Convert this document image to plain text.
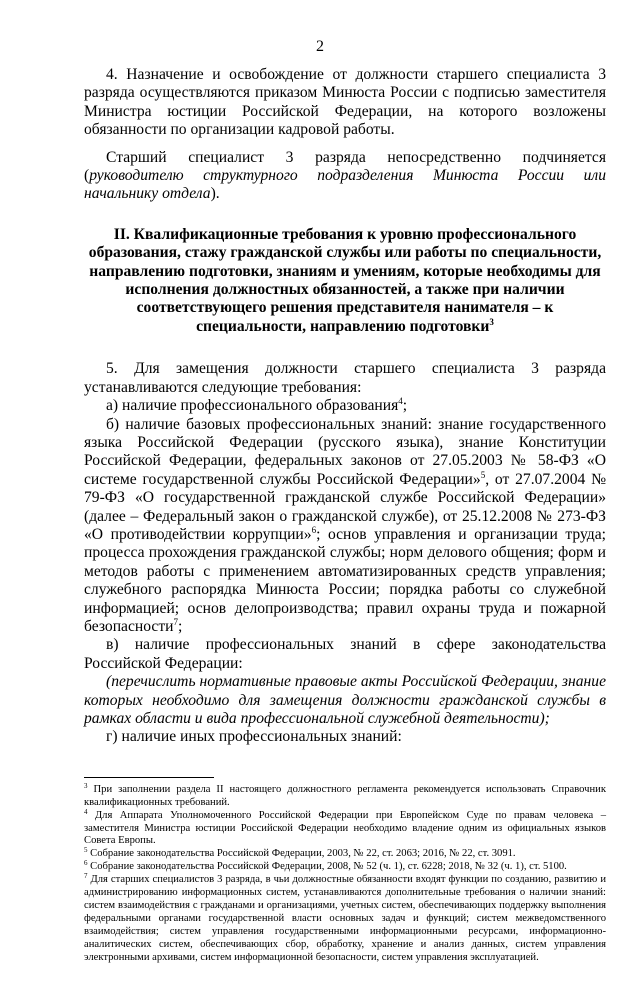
2

4. Назначение и освобождение от должности старшего специалиста 3 разряда осуществляются приказом Минюста России с подписью заместителя Министра юстиции Российской Федерации, на которого возложены обязанности по организации кадровой работы.

Старший специалист 3 разряда непосредственно подчиняется (руководителю структурного подразделения Минюста России или начальнику отдела).

II. Квалификационные требования к уровню профессионального образования, стажу гражданской службы или работы по специальности, направлению подготовки, знаниям и умениям, которые необходимы для исполнения должностных обязанностей, а также при наличии соответствующего решения представителя нанимателя – к специальности, направлению подготовки$^3$

5. Для замещения должности старшего специалиста 3 разряда устанавливаются следующие требования:

а) наличие профессионального образования$^4$;

б) наличие базовых профессиональных знаний: знание государственного языка Российской Федерации (русского языка), знание Конституции Российской Федерации, федеральных законов от 27.05.2003 № 58-ФЗ «О системе государственной службы Российской Федерации»$^5$, от 27.07.2004 № 79-ФЗ «О государственной гражданской службе Российской Федерации» (далее – Федеральный закон о гражданской службе), от 25.12.2008 № 273-ФЗ «О противодействии коррупции»$^6$; основ управления и организации труда; процесса прохождения гражданской службы; норм делового общения; форм и методов работы с применением автоматизированных средств управления; служебного распорядка Минюста России; порядка работы со служебной информацией; основ делопроизводства; правил охраны труда и пожарной безопасности$^7$;

в) наличие профессиональных знаний в сфере законодательства Российской Федерации:

(перечислить нормативные правовые акты Российской Федерации, знание которых необходимо для замещения должности гражданской службы в рамках области и вида профессиональной служебной деятельности);

г) наличие иных профессиональных знаний:

$^3$ При заполнении раздела II настоящего должностного регламента рекомендуется использовать Справочник квалификационных требований.

$^4$ Для Аппарата Уполномоченного Российской Федерации при Европейском Суде по правам человека – заместителя Министра юстиции Российской Федерации необходимо владение одним из официальных языков Совета Европы.

$^5$ Собрание законодательства Российской Федерации, 2003, № 22, ст. 2063; 2016, № 22, ст. 3091.

$^6$ Собрание законодательства Российской Федерации, 2008, № 52 (ч. 1), ст. 6228; 2018, № 32 (ч. 1), ст. 5100.

$^7$ Для старших специалистов 3 разряда, в чьи должностные обязанности входят функции по созданию, развитию и администрированию информационных систем, устанавливаются дополнительные требования о наличии знаний: систем взаимодействия с гражданами и организациями, учетных систем, обеспечивающих поддержку выполнения федеральными органами государственной власти основных задач и функций; систем межведомственного взаимодействия; систем управления государственными информационными ресурсами, информационно-аналитических систем, обеспечивающих сбор, обработку, хранение и анализ данных, систем управления электронными архивами, систем информационной безопасности, систем управления эксплуатацией.
